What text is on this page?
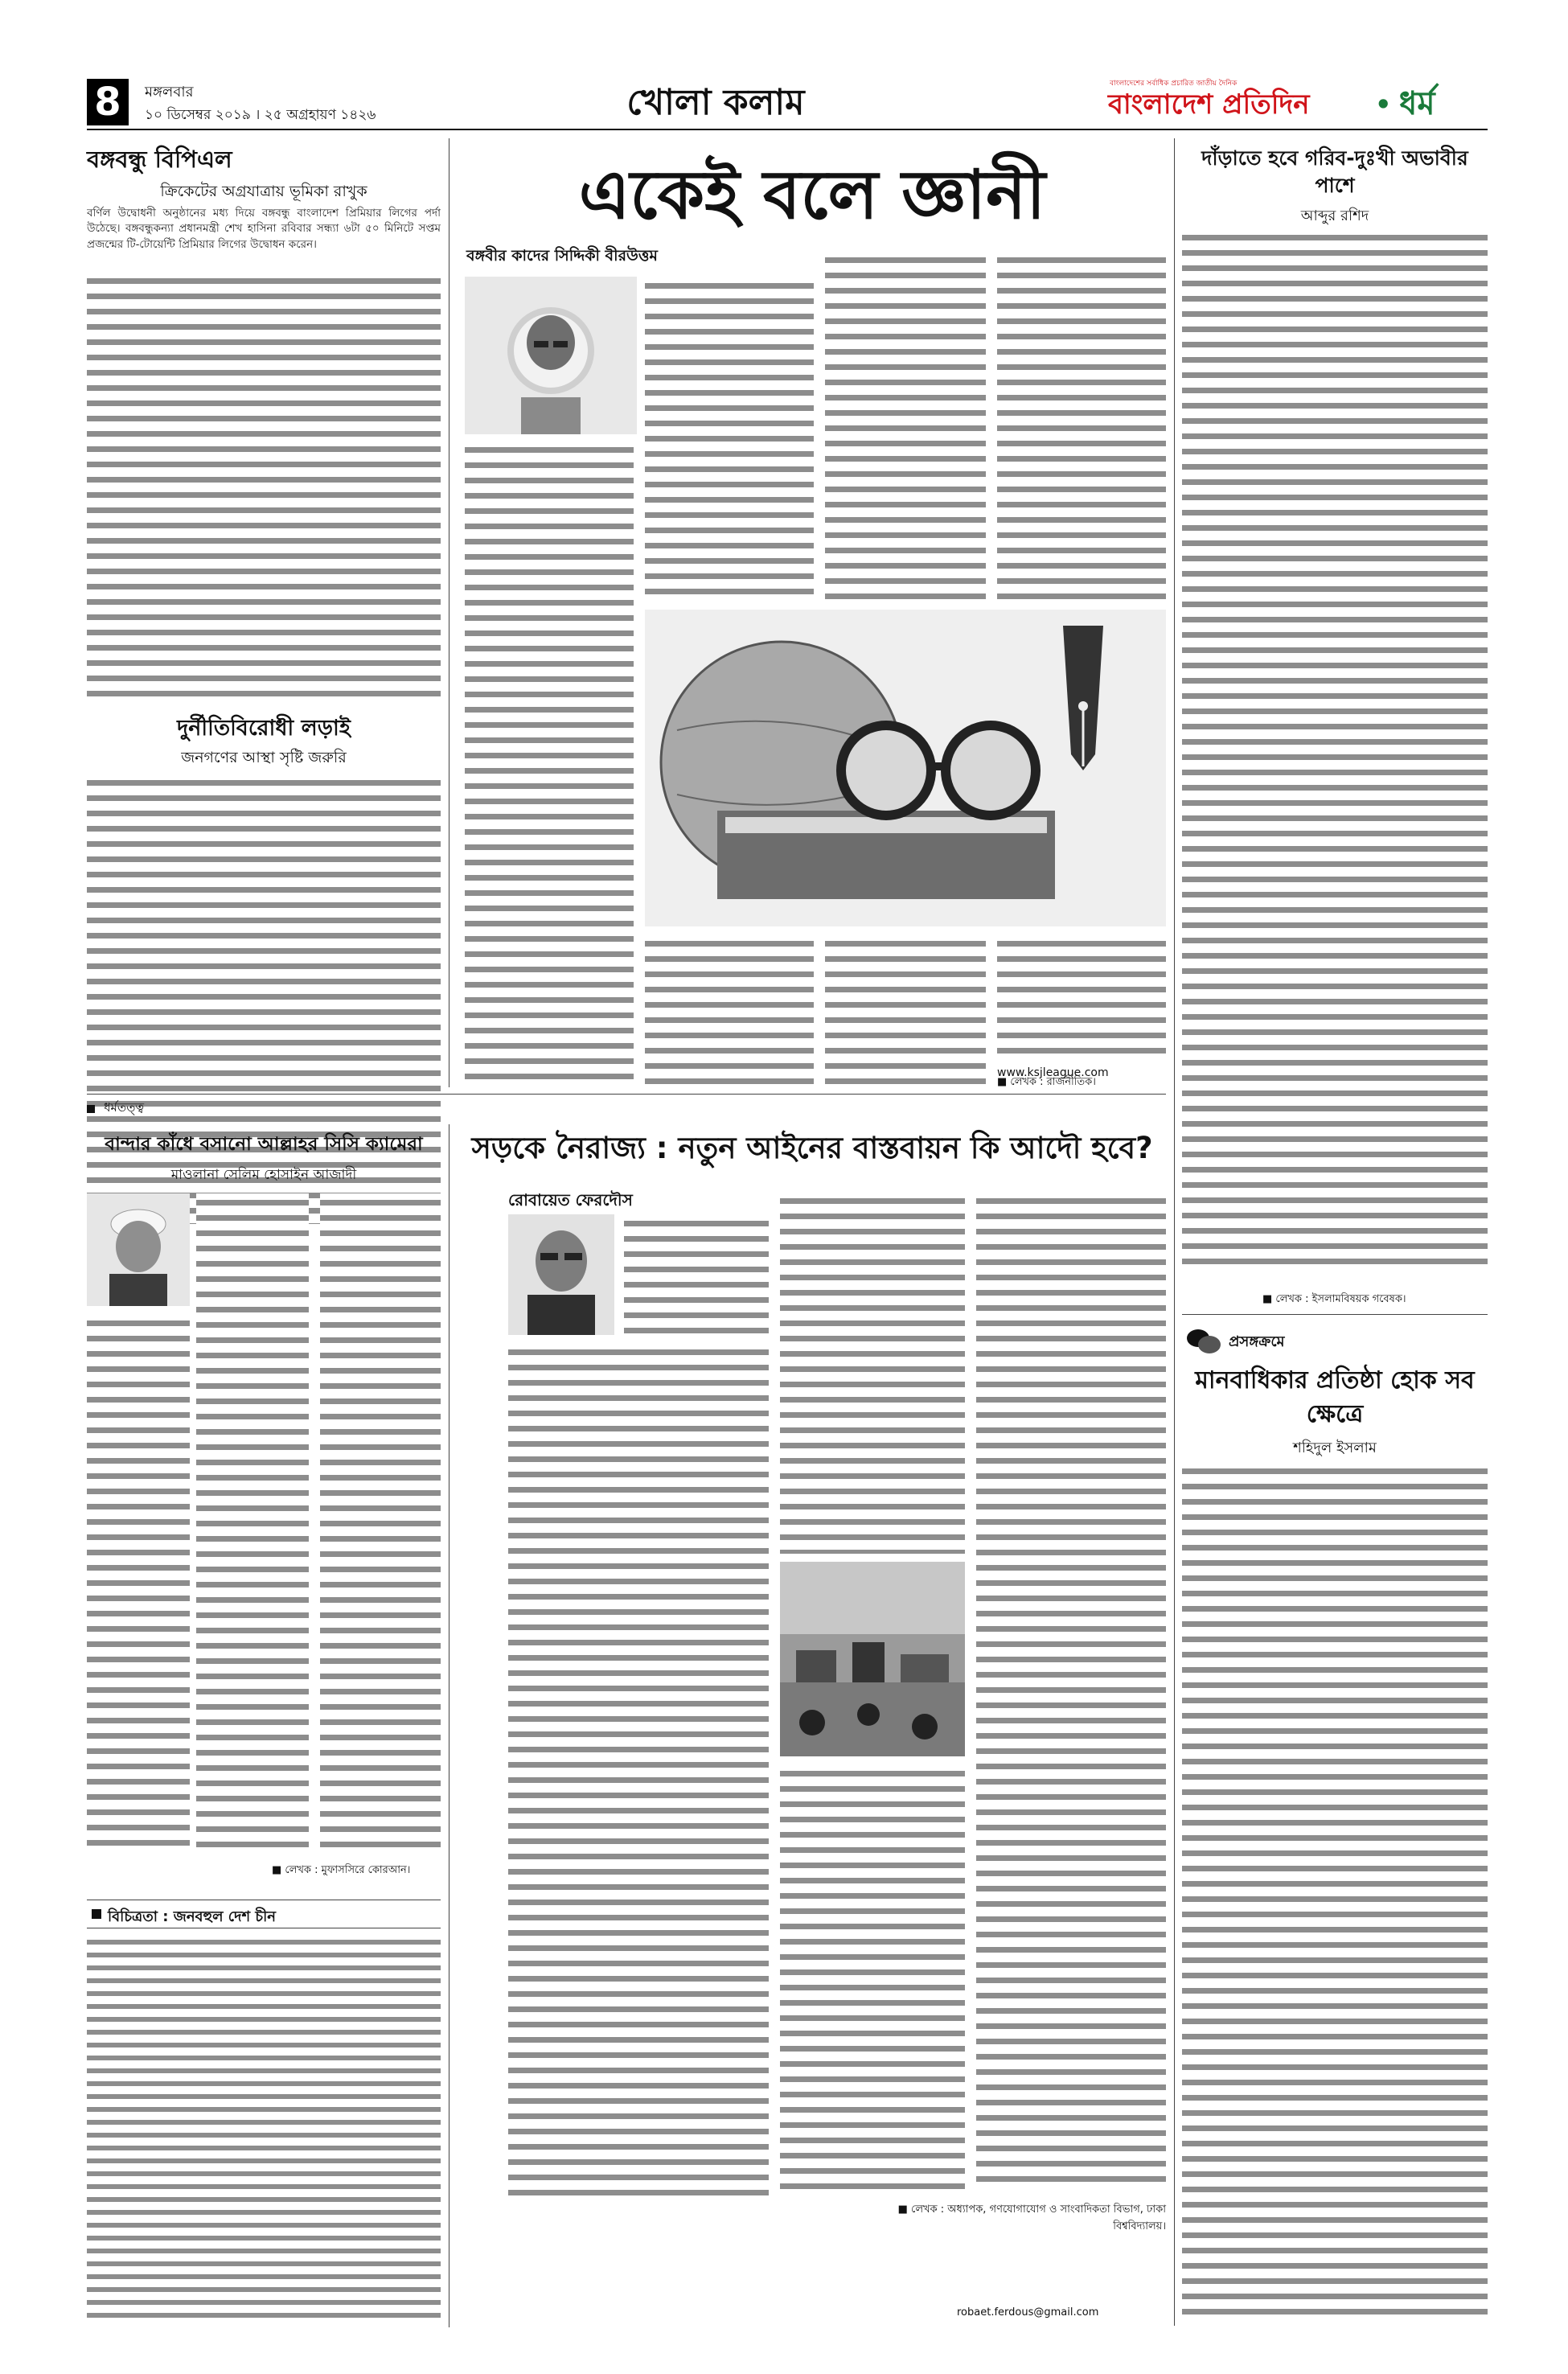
8	মঙ্গলবার
১০ ডিসেম্বর ২০১৯ । ২৫ অগ্রহায়ণ ১৪২৬	খোলা কলাম	বাংলাদেশের সর্বাধিক প্রচারিত জাতীয় দৈনিক
বাংলাদেশ প্রতিদিন	• ধর্ম
বঙ্গবন্ধু বিপিএল
ক্রিকেটের অগ্রযাত্রায় ভূমিকা রাখুক
বর্ণিল উদ্বোধনী অনুষ্ঠানের মধ্য দিয়ে বঙ্গবন্ধু বাংলাদেশ প্রিমিয়ার লিগের পর্দা উঠেছে। বঙ্গবন্ধুকন্যা প্রধানমন্ত্রী শেখ হাসিনা রবিবার সন্ধ্যা ৬টা ৫০ মিনিটে সপ্তম প্রজন্মের টি-টোয়েন্টি প্রিমিয়ার লিগের উদ্বোধন করেন।
দুর্নীতিবিরোধী লড়াই
জনগণের আস্থা সৃষ্টি জরুরি
ধর্মতত্ত্ব
একেই বলে জ্ঞানী
বঙ্গবীর কাদের সিদ্দিকী বীরউত্তম
www.ksjleague.com
■ লেখক : রাজনীতিক।
দাঁড়াতে হবে গরিব-দুঃখী অভাবীর পাশে
আব্দুর রশিদ
■ লেখক : ইসলামবিষয়ক গবেষক।
প্রসঙ্গক্রমে
মানবাধিকার প্রতিষ্ঠা হোক সব ক্ষেত্রে
শহিদুল ইসলাম
বান্দার কাঁধে বসানো আল্লাহর সিসি ক্যামেরা
মাওলানা সেলিম হোসাইন আজাদী
■ লেখক : মুফাসসিরে কোরআন।
সড়কে নৈরাজ্য : নতুন আইনের বাস্তবায়ন কি আদৌ হবে?
রোবায়েত ফেরদৌস
■ লেখক : অধ্যাপক, গণযোগাযোগ ও সাংবাদিকতা বিভাগ, ঢাকা বিশ্ববিদ্যালয়।
robaet.ferdous@gmail.com
বিচিত্রতা : জনবহুল দেশ চীন
